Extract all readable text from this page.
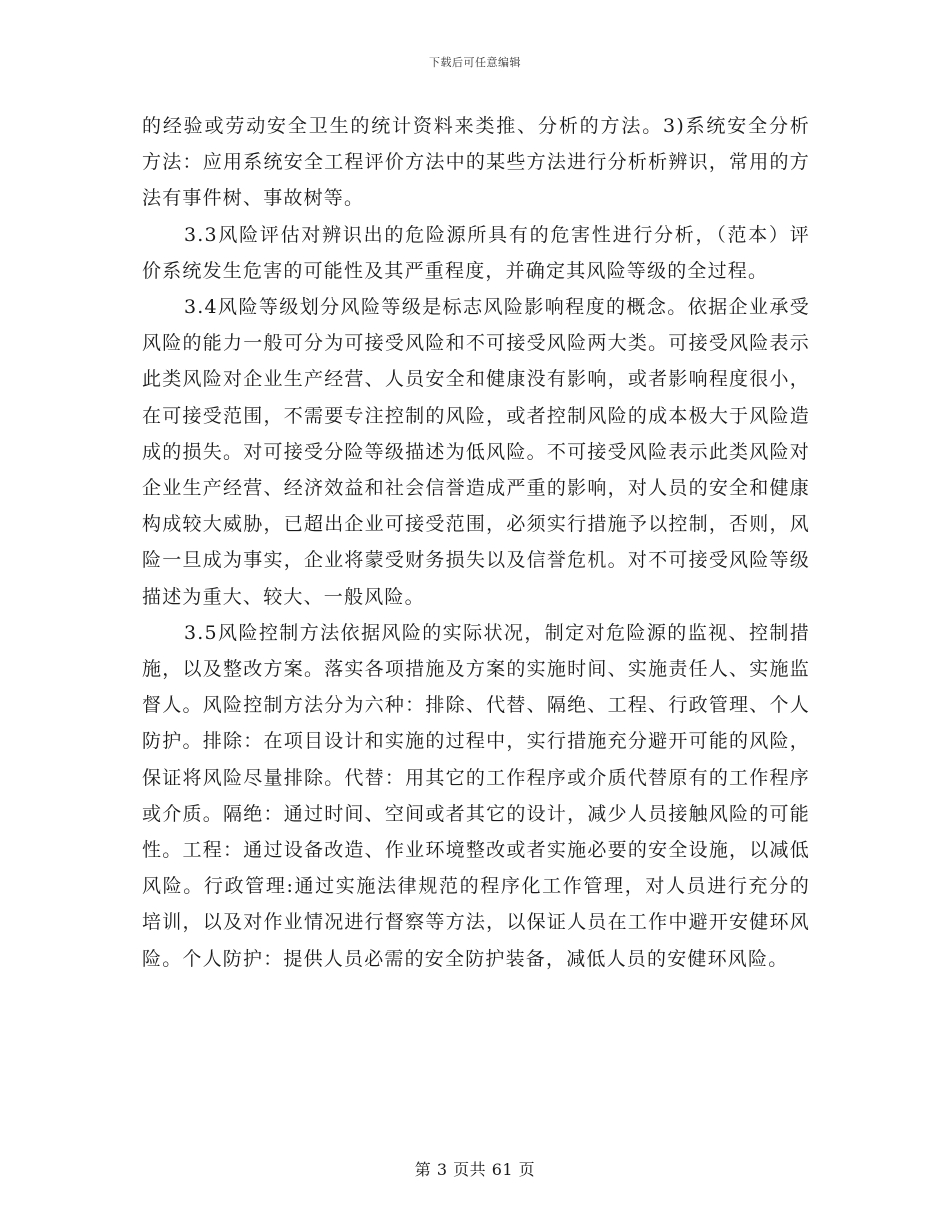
下载后可任意编辑

的经验或劳动安全卫生的统计资料来类推、分析的方法。3)系统安全分析方法：应用系统安全工程评价方法中的某些方法进行分析析辨识，常用的方法有事件树、事故树等。

3.3风险评估对辨识出的危险源所具有的危害性进行分析，（范本）评价系统发生危害的可能性及其严重程度，并确定其风险等级的全过程。

3.4风险等级划分风险等级是标志风险影响程度的概念。依据企业承受风险的能力一般可分为可接受风险和不可接受风险两大类。可接受风险表示此类风险对企业生产经营、人员安全和健康没有影响，或者影响程度很小，在可接受范围，不需要专注控制的风险，或者控制风险的成本极大于风险造成的损失。对可接受分险等级描述为低风险。不可接受风险表示此类风险对企业生产经营、经济效益和社会信誉造成严重的影响，对人员的安全和健康构成较大威胁，已超出企业可接受范围，必须实行措施予以控制，否则，风险一旦成为事实，企业将蒙受财务损失以及信誉危机。对不可接受风险等级描述为重大、较大、一般风险。

3.5风险控制方法依据风险的实际状况，制定对危险源的监视、控制措施，以及整改方案。落实各项措施及方案的实施时间、实施责任人、实施监督人。风险控制方法分为六种：排除、代替、隔绝、工程、行政管理、个人防护。排除：在项目设计和实施的过程中，实行措施充分避开可能的风险，保证将风险尽量排除。代替：用其它的工作程序或介质代替原有的工作程序或介质。隔绝：通过时间、空间或者其它的设计，减少人员接触风险的可能性。工程：通过设备改造、作业环境整改或者实施必要的安全设施，以减低风险。行政管理:通过实施法律规范的程序化工作管理，对人员进行充分的培训，以及对作业情况进行督察等方法，以保证人员在工作中避开安健环风险。个人防护：提供人员必需的安全防护装备，减低人员的安健环风险。

第 3 页共 61 页
